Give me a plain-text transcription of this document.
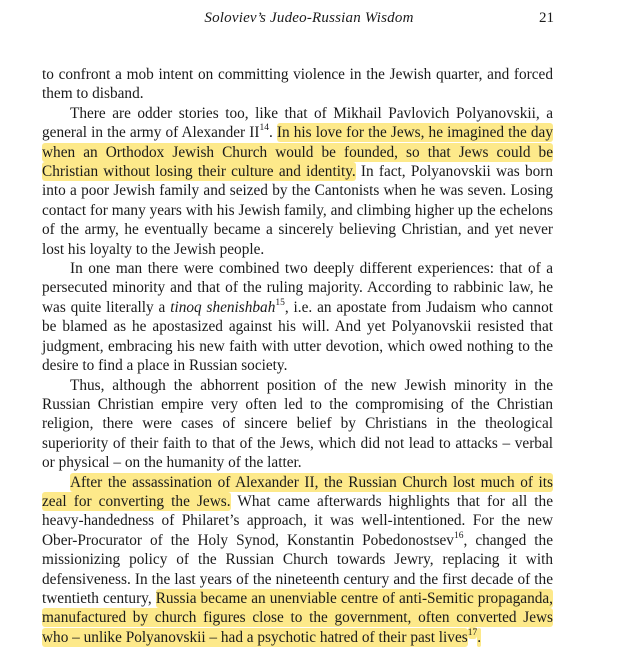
Soloviev’s Judeo-Russian Wisdom	21

to confront a mob intent on committing violence in the Jewish quarter, and forced them to disband.

There are odder stories too, like that of Mikhail Pavlovich Polyanovskii, a general in the army of Alexander II$^{14}$. In his love for the Jews, he imagined the day when an Orthodox Jewish Church would be founded, so that Jews could be Christian without losing their culture and identity. In fact, Polyanovskii was born into a poor Jewish family and seized by the Cantonists when he was seven. Losing contact for many years with his Jewish family, and climbing higher up the echelons of the army, he eventually became a sincerely believing Christian, and yet never lost his loyalty to the Jewish people.

In one man there were combined two deeply different experiences: that of a persecuted minority and that of the ruling majority. According to rabbinic law, he was quite literally a tinoq shenishbah$^{15}$, i.e. an apostate from Judaism who cannot be blamed as he apostasized against his will. And yet Polyanovskii resisted that judgment, embracing his new faith with utter devotion, which owed nothing to the desire to find a place in Russian society.

Thus, although the abhorrent position of the new Jewish minority in the Russian Christian empire very often led to the compromising of the Christian religion, there were cases of sincere belief by Christians in the theological superiority of their faith to that of the Jews, which did not lead to attacks – verbal or physical – on the humanity of the latter.

After the assassination of Alexander II, the Russian Church lost much of its zeal for converting the Jews. What came afterwards highlights that for all the heavy-handedness of Philaret’s approach, it was well-intentioned. For the new Ober-Procurator of the Holy Synod, Konstantin Pobedonostsev$^{16}$, changed the missionizing policy of the Russian Church towards Jewry, replacing it with defensiveness. In the last years of the nineteenth century and the first decade of the twentieth century, Russia became an unenviable centre of anti-Semitic propaganda, manufactured by church figures close to the government, often converted Jews who – unlike Polyanovskii – had a psychotic hatred of their past lives$^{17}$.
